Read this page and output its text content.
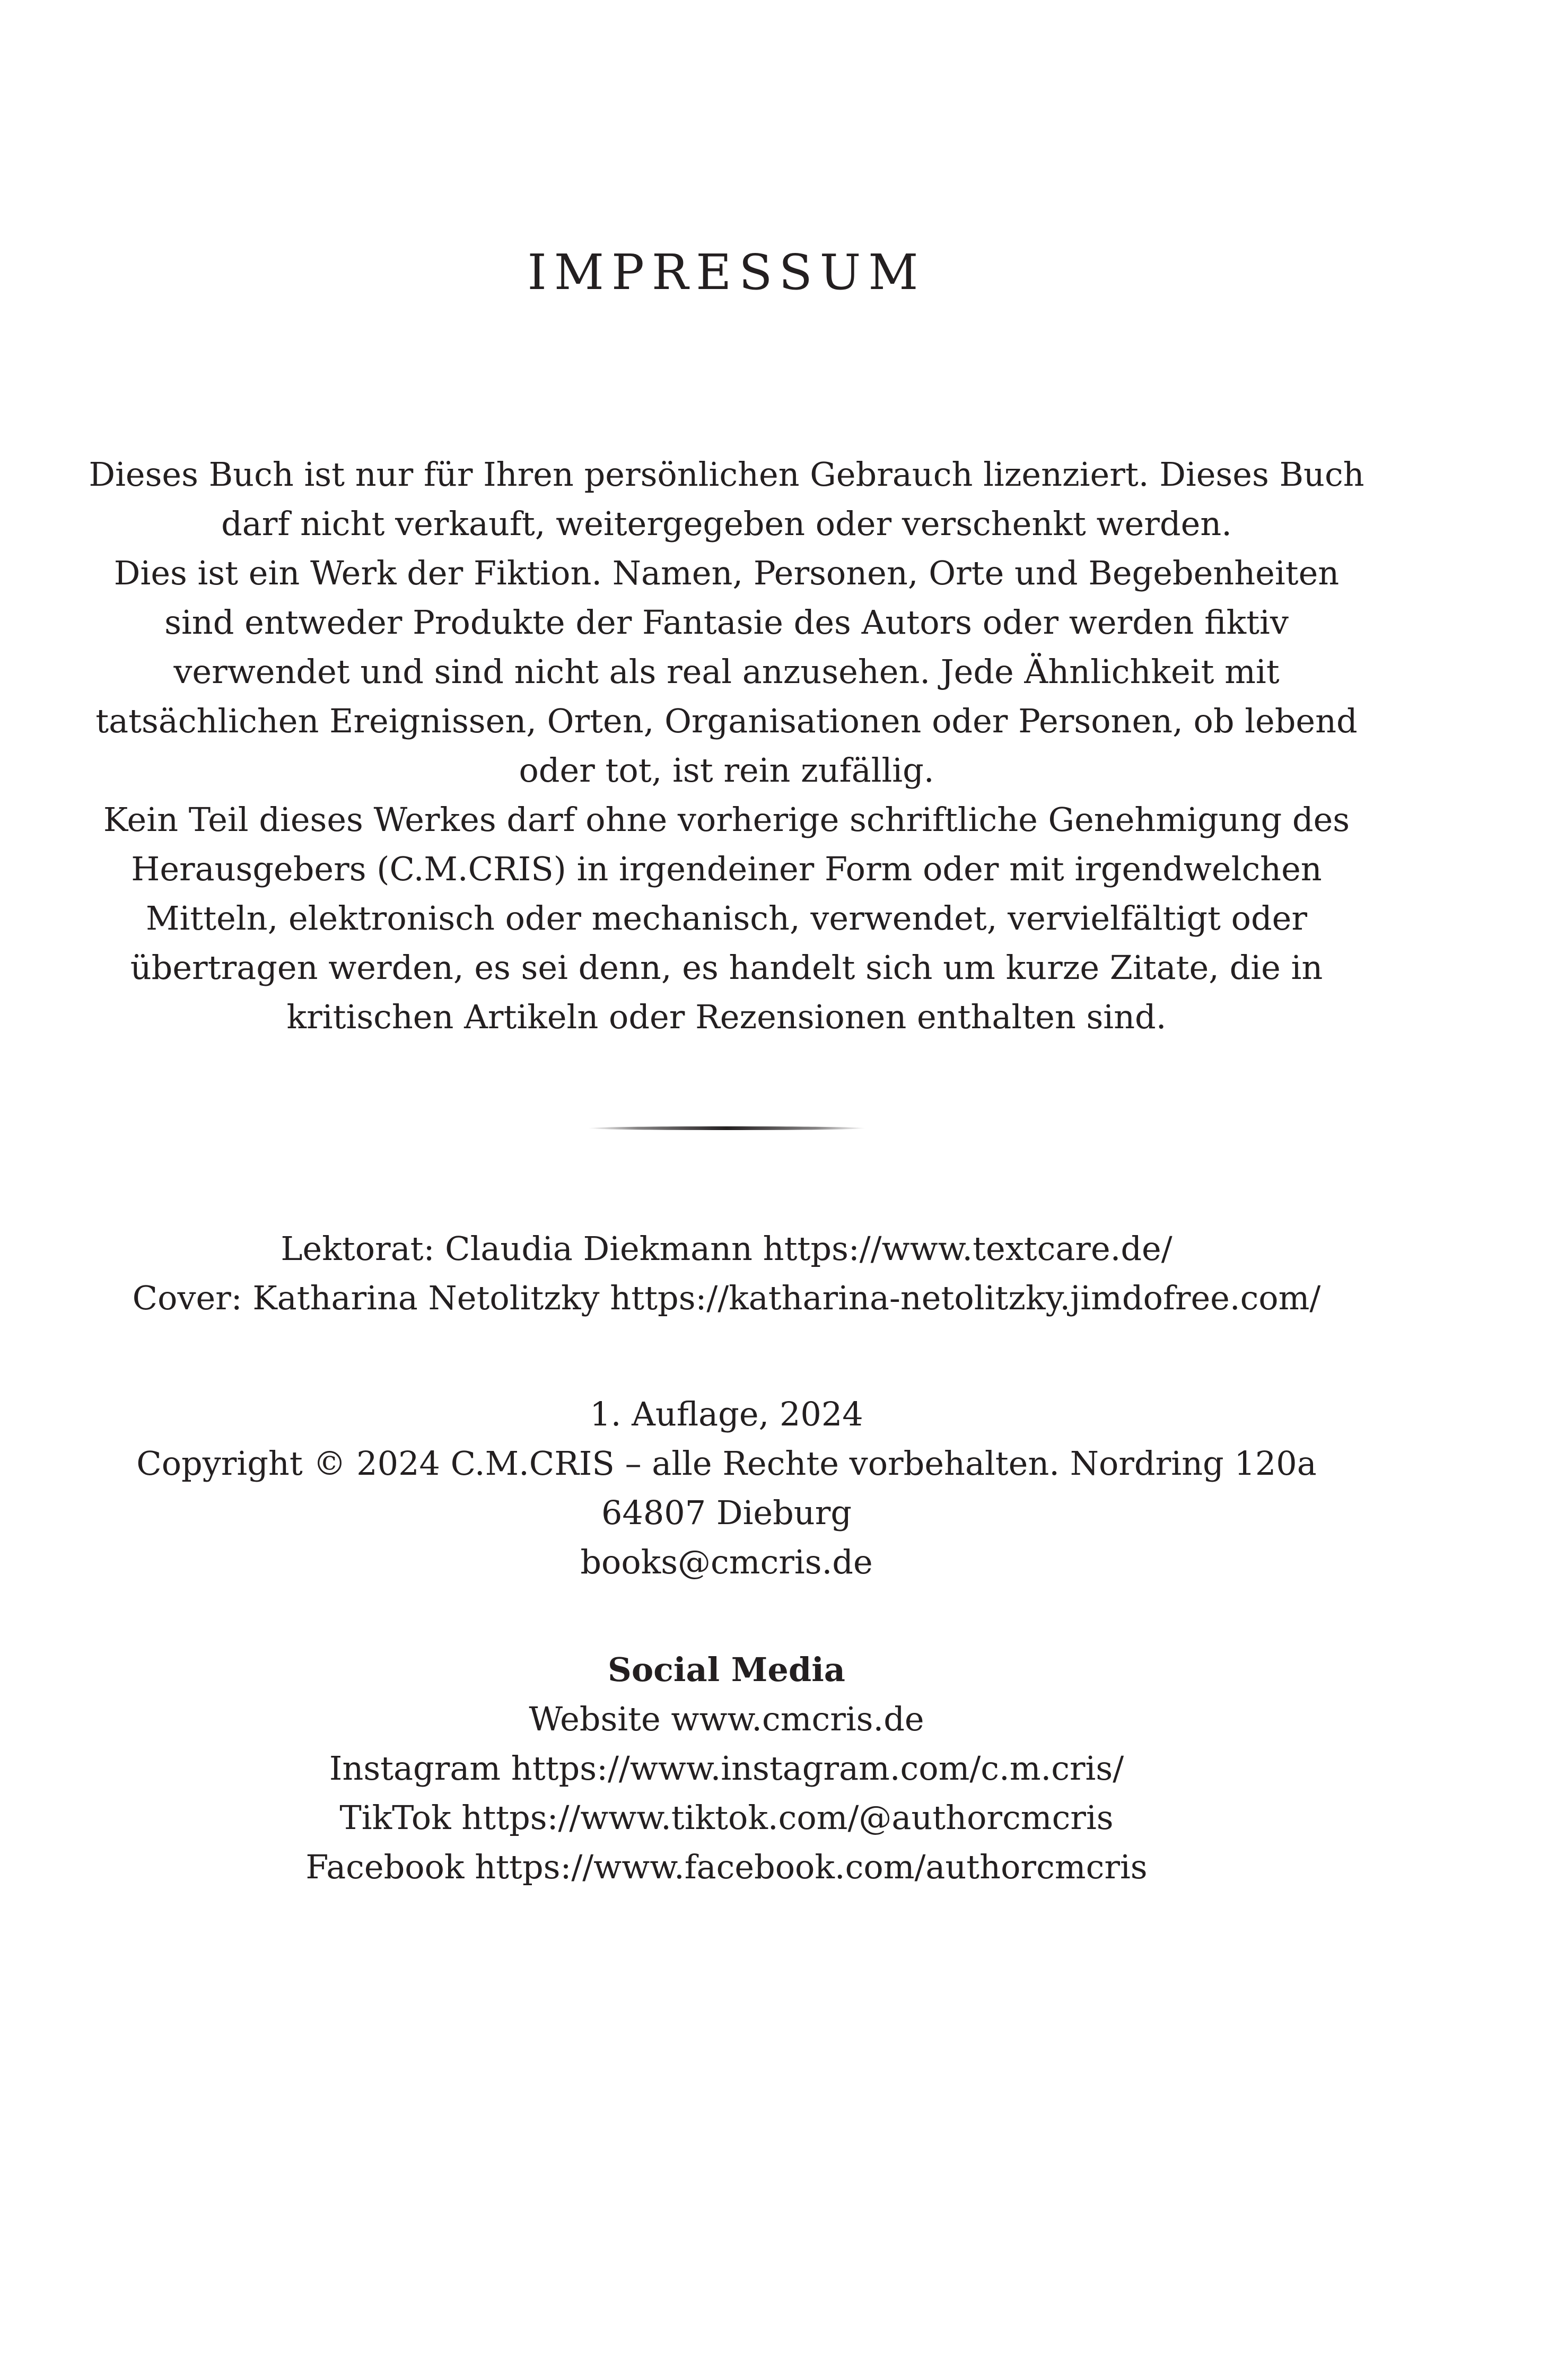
IMPRESSUM

Dieses Buch ist nur für Ihren persönlichen Gebrauch lizenziert. Dieses Buch

darf nicht verkauft, weitergegeben oder verschenkt werden.

Dies ist ein Werk der Fiktion. Namen, Personen, Orte und Begebenheiten

sind entweder Produkte der Fantasie des Autors oder werden fiktiv

verwendet und sind nicht als real anzusehen. Jede Ähnlichkeit mit

tatsächlichen Ereignissen, Orten, Organisationen oder Personen, ob lebend

oder tot, ist rein zufällig.

Kein Teil dieses Werkes darf ohne vorherige schriftliche Genehmigung des

Herausgebers (C.M.CRIS) in irgendeiner Form oder mit irgendwelchen

Mitteln, elektronisch oder mechanisch, verwendet, vervielfältigt oder

übertragen werden, es sei denn, es handelt sich um kurze Zitate, die in

kritischen Artikeln oder Rezensionen enthalten sind.

Lektorat: Claudia Diekmann https://www.textcare.de/

Cover: Katharina Netolitzky https://katharina-netolitzky.jimdofree.com/

1. Auflage, 2024

Copyright © 2024 C.M.CRIS – alle Rechte vorbehalten. Nordring 120a

64807 Dieburg

books@cmcris.de

Social Media

Website www.cmcris.de

Instagram https://www.instagram.com/c.m.cris/

TikTok https://www.tiktok.com/@authorcmcris

Facebook https://www.facebook.com/authorcmcris
